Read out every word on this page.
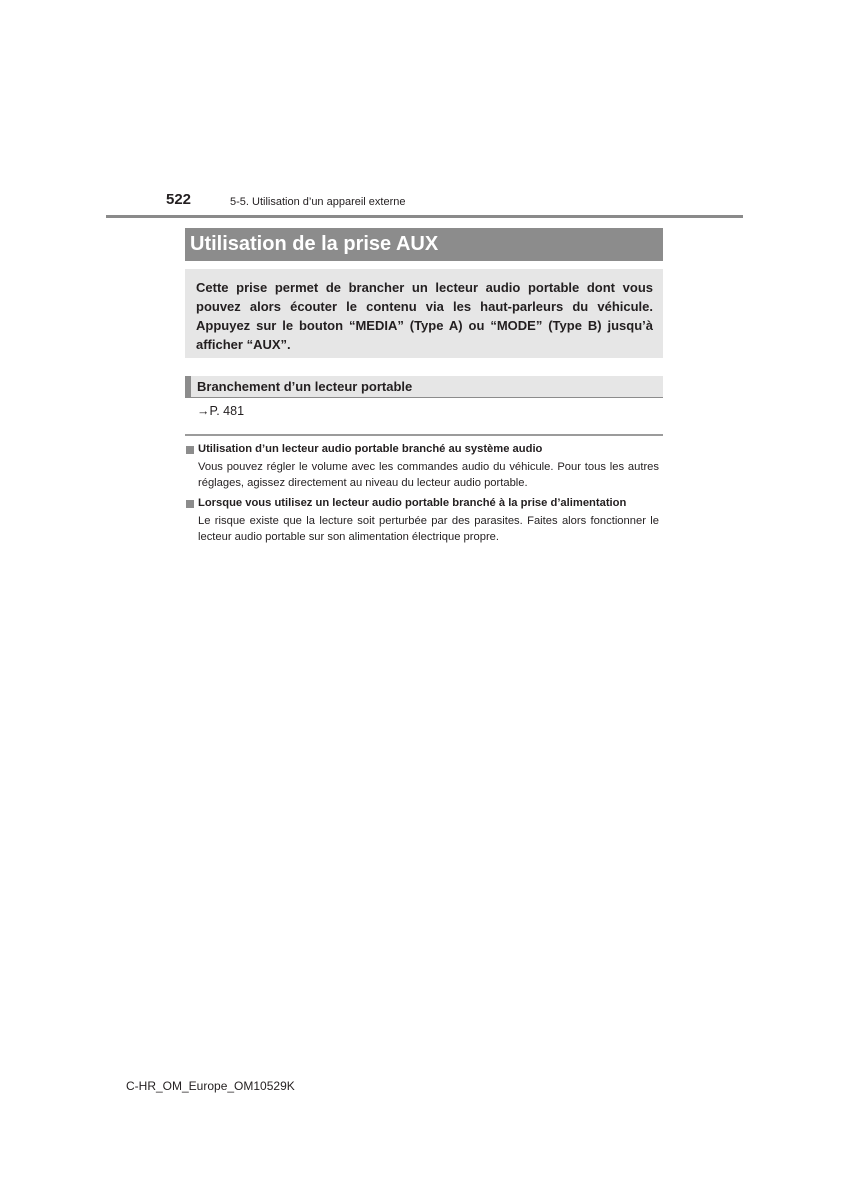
522	5-5. Utilisation d’un appareil externe
Utilisation de la prise AUX

Cette prise permet de brancher un lecteur audio portable dont vous pouvez alors écouter le contenu via les haut-parleurs du véhicule. Appuyez sur le bouton “MEDIA” (Type A) ou “MODE” (Type B) jusqu’à afficher “AUX”.

Branchement d’un lecteur portable
→P. 481
Utilisation d’un lecteur audio portable branché au système audio
Vous pouvez régler le volume avec les commandes audio du véhicule. Pour tous les autres réglages, agissez directement au niveau du lecteur audio portable.
Lorsque vous utilisez un lecteur audio portable branché à la prise d’alimentation
Le risque existe que la lecture soit perturbée par des parasites. Faites alors fonctionner le lecteur audio portable sur son alimentation électrique propre.
C-HR_OM_Europe_OM10529K
